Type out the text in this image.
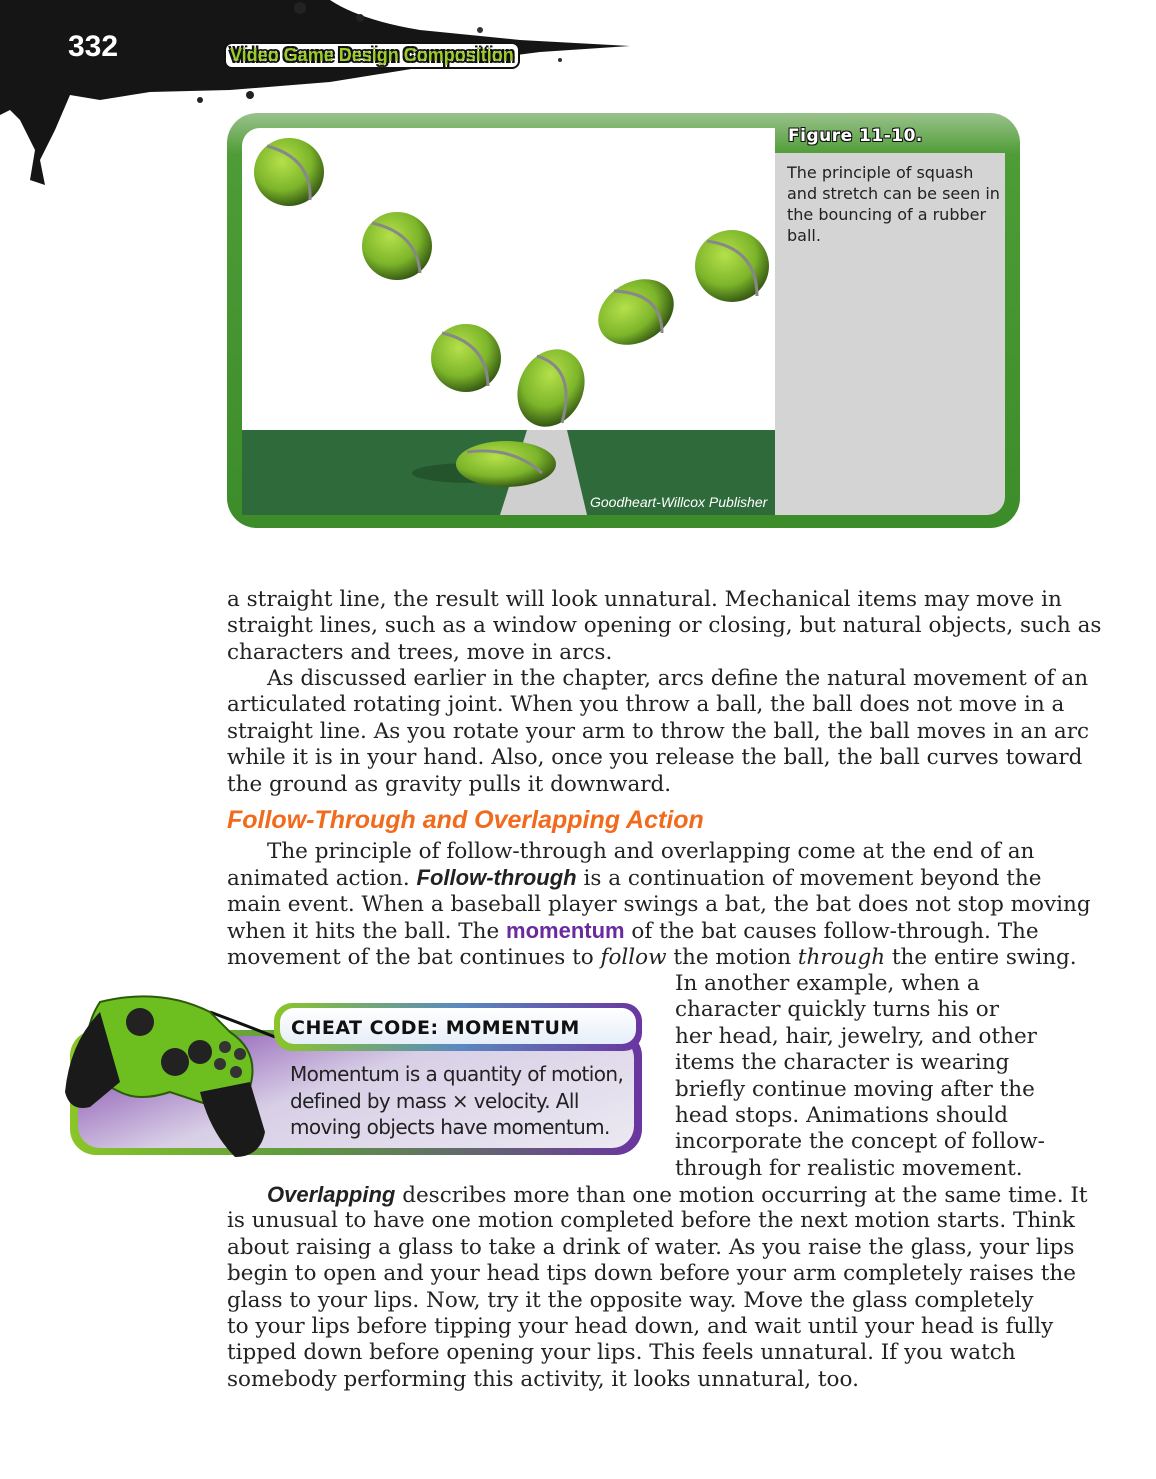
332	Video Game Design Composition
Figure 11-10.
The principle of squash and stretch can be seen in the bouncing of a rubber ball.
Goodheart-Willcox Publisher
a straight line, the result will look unnatural. Mechanical items may move in
straight lines, such as a window opening or closing, but natural objects, such as
characters and trees, move in arcs.
As discussed earlier in the chapter, arcs define the natural movement of an
articulated rotating joint. When you throw a ball, the ball does not move in a
straight line. As you rotate your arm to throw the ball, the ball moves in an arc
while it is in your hand. Also, once you release the ball, the ball curves toward
the ground as gravity pulls it downward.
Follow-Through and Overlapping Action
The principle of follow-through and overlapping come at the end of an
animated action. Follow-through is a continuation of movement beyond the
main event. When a baseball player swings a bat, the bat does not stop moving
when it hits the ball. The momentum of the bat causes follow-through. The
movement of the bat continues to follow the motion through the entire swing.
In another example, when a
character quickly turns his or
her head, hair, jewelry, and other
items the character is wearing
briefly continue moving after the
head stops. Animations should
incorporate the concept of follow-
through for realistic movement.
Overlapping describes more than one motion occurring at the same time. It
is unusual to have one motion completed before the next motion starts. Think
about raising a glass to take a drink of water. As you raise the glass, your lips
begin to open and your head tips down before your arm completely raises the
glass to your lips. Now, try it the opposite way. Move the glass completely
to your lips before tipping your head down, and wait until your head is fully
tipped down before opening your lips. This feels unnatural. If you watch
somebody performing this activity, it looks unnatural, too.
CHEAT CODE: MOMENTUM
Momentum is a quantity of motion, defined by mass × velocity. All moving objects have momentum.
